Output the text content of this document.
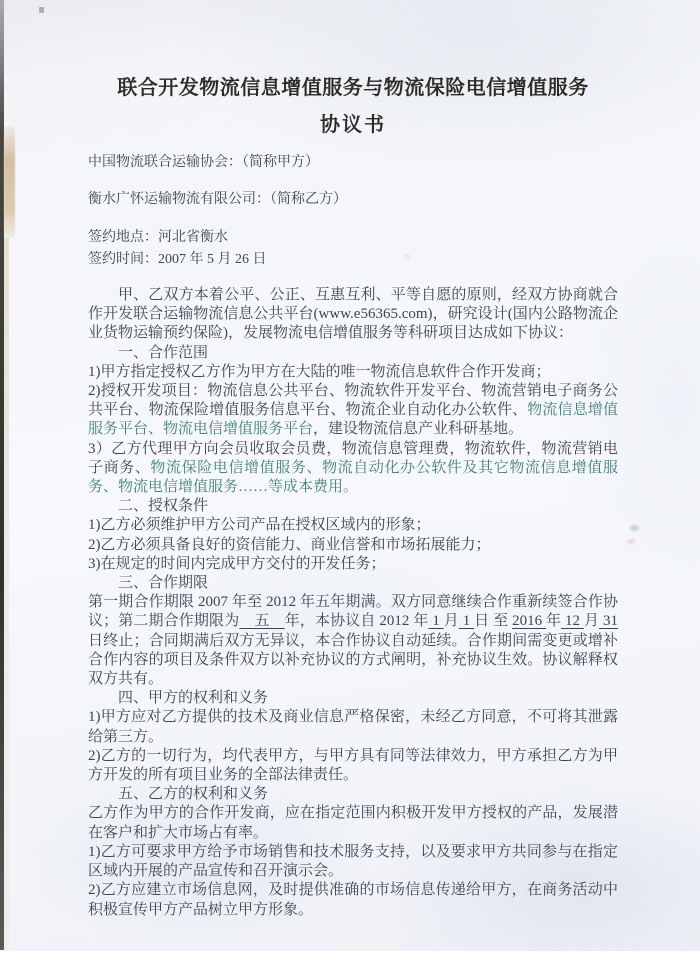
联合开发物流信息增值服务与物流保险电信增值服务

协议书

中国物流联合运输协会：（简称甲方）

衡水广怀运输物流有限公司：（简称乙方）

签约地点：河北省衡水

签约时间：2007 年 5 月 26 日

甲、乙双方本着公平、公正、互惠互利、平等自愿的原则，经双方协商就合作开发联合运输物流信息公共平台(www.e56365.com)，研究设计(国内公路物流企业货物运输预约保险)，发展物流电信增值服务等科研项目达成如下协议：

一、合作范围

1)甲方指定授权乙方作为甲方在大陆的唯一物流信息软件合作开发商；

2)授权开发项目：物流信息公共平台、物流软件开发平台、物流营销电子商务公共平台、物流保险增值服务信息平台、物流企业自动化办公软件、物流信息增值服务平台、物流电信增值服务平台，建设物流信息产业科研基地。

3）乙方代理甲方向会员收取会员费，物流信息管理费，物流软件，物流营销电子商务、物流保险电信增值服务、物流自动化办公软件及其它物流信息增值服务、物流电信增值服务……等成本费用。

二、授权条件

1)乙方必须维护甲方公司产品在授权区域内的形象；

2)乙方必须具备良好的资信能力、商业信誉和市场拓展能力；

3)在规定的时间内完成甲方交付的开发任务；

三、合作期限

第一期合作期限 2007 年至 2012 年五年期满。双方同意继续合作重新续签合作协议；第二期合作期限为　五　年，本协议自 2012 年 1 月 1 日 至 2016 年 12 月 31 日终止；合同期满后双方无异议，本合作协议自动延续。合作期间需变更或增补合作内容的项目及条件双方以补充协议的方式阐明，补充协议生效。协议解释权双方共有。

四、甲方的权利和义务

1)甲方应对乙方提供的技术及商业信息严格保密，未经乙方同意，不可将其泄露给第三方。

2)乙方的一切行为，均代表甲方，与甲方具有同等法律效力，甲方承担乙方为甲方开发的所有项目业务的全部法律责任。

五、乙方的权利和义务

乙方作为甲方的合作开发商，应在指定范围内积极开发甲方授权的产品，发展潜在客户和扩大市场占有率。

1)乙方可要求甲方给予市场销售和技术服务支持，以及要求甲方共同参与在指定区域内开展的产品宣传和召开演示会。

2)乙方应建立市场信息网，及时提供准确的市场信息传递给甲方，在商务活动中积极宣传甲方产品树立甲方形象。
